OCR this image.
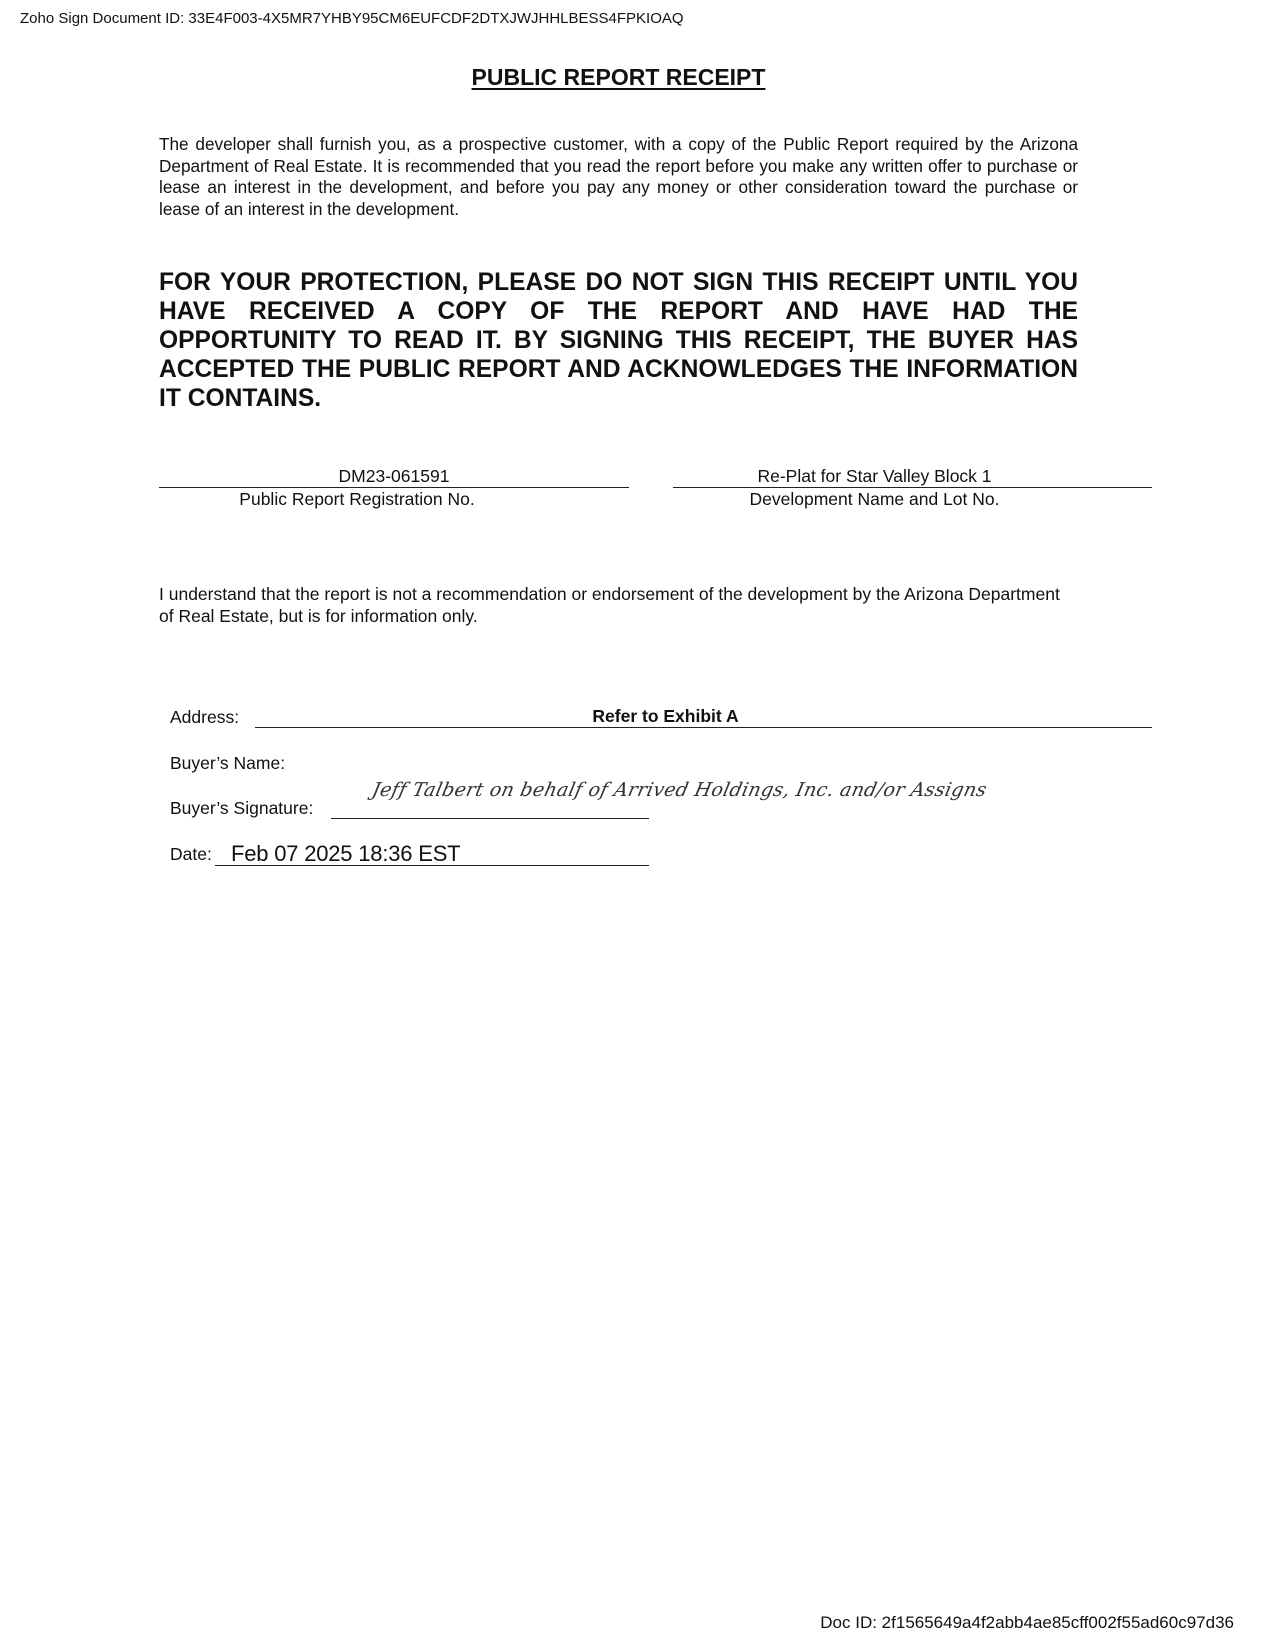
Zoho Sign Document ID: 33E4F003-4X5MR7YHBY95CM6EUFCDF2DTXJWJHHLBESS4FPKIOAQ
PUBLIC REPORT RECEIPT
The developer shall furnish you, as a prospective customer, with a copy of the Public Report required by the Arizona Department of Real Estate. It is recommended that you read the report before you make any written offer to purchase or lease an interest in the development, and before you pay any money or other consideration toward the purchase or lease of an interest in the development.
FOR YOUR PROTECTION, PLEASE DO NOT SIGN THIS RECEIPT UNTIL YOU HAVE RECEIVED A COPY OF THE REPORT AND HAVE HAD THE OPPORTUNITY TO READ IT. BY SIGNING THIS RECEIPT, THE BUYER HAS ACCEPTED THE PUBLIC REPORT AND ACKNOWLEDGES THE INFORMATION IT CONTAINS.
DM23-061591
Public Report Registration No.
Re-Plat for Star Valley Block 1
Development Name and Lot No.
I understand that the report is not a recommendation or endorsement of the development by the Arizona Department of Real Estate, but is for information only.
Address:	Refer to Exhibit A
Buyer’s Name:
Jeff Talbert on behalf of Arrived Holdings, Inc. and/or Assigns
Buyer’s Signature:
Date: Feb 07 2025 18:36 EST
Doc ID: 2f1565649a4f2abb4ae85cff002f55ad60c97d36
